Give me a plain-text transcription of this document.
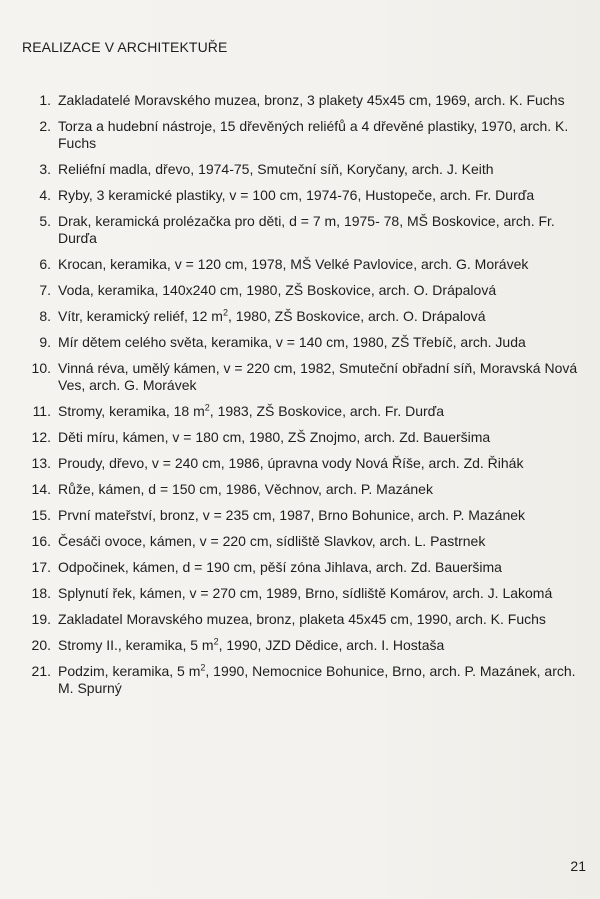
REALIZACE V ARCHITEKTUŘE
1. Zakladatelé Moravského muzea, bronz, 3 plakety 45x45 cm, 1969, arch. K. Fuchs
2. Torza a hudební nástroje, 15 dřevěných reliéfů a 4 dřevěné plastiky, 1970, arch. K. Fuchs
3. Reliéfní madla, dřevo, 1974-75, Smuteční síň, Koryčany, arch. J. Keith
4. Ryby, 3 keramické plastiky, v = 100 cm, 1974-76, Hustopeče, arch. Fr. Durďa
5. Drak, keramická prolézačka pro děti, d = 7 m, 1975- 78, MŠ Boskovice, arch. Fr. Durďa
6. Krocan, keramika, v = 120 cm, 1978, MŠ Velké Pavlovice, arch. G. Morávek
7. Voda, keramika, 140x240 cm, 1980, ZŠ Boskovice, arch. O. Drápalová
8. Vítr, keramický reliéf, 12 $m^2$, 1980, ZŠ Boskovice, arch. O. Drápalová
9. Mír dětem celého světa, keramika, v = 140 cm, 1980, ZŠ Třebíč, arch. Juda
10. Vinná réva, umělý kámen, v = 220 cm, 1982, Smuteční obřadní síň, Moravská Nová Ves, arch. G. Morávek
11. Stromy, keramika, 18 $m^2$, 1983, ZŠ Boskovice, arch. Fr. Durďa
12. Děti míru, kámen, v = 180 cm, 1980, ZŠ Znojmo, arch. Zd. Baueršima
13. Proudy, dřevo, v = 240 cm, 1986, úpravna vody Nová Říše, arch. Zd. Řihák
14. Růže, kámen, d = 150 cm, 1986, Věchnov, arch. P. Mazánek
15. První mateřství, bronz, v = 235 cm, 1987, Brno Bohunice, arch. P. Mazánek
16. Česáči ovoce, kámen, v = 220 cm, sídliště Slavkov, arch. L. Pastrnek
17. Odpočinek, kámen, d = 190 cm, pěší zóna Jihlava, arch. Zd. Baueršima
18. Splynutí řek, kámen, v = 270 cm, 1989, Brno, sídliště Komárov, arch. J. Lakomá
19. Zakladatel Moravského muzea, bronz, plaketa 45x45 cm, 1990, arch. K. Fuchs
20. Stromy II., keramika, 5 $m^2$, 1990, JZD Dědice, arch. I. Hostaša
21. Podzim, keramika, 5 $m^2$, 1990, Nemocnice Bohunice, Brno, arch. P. Mazánek, arch. M. Spurný
21
